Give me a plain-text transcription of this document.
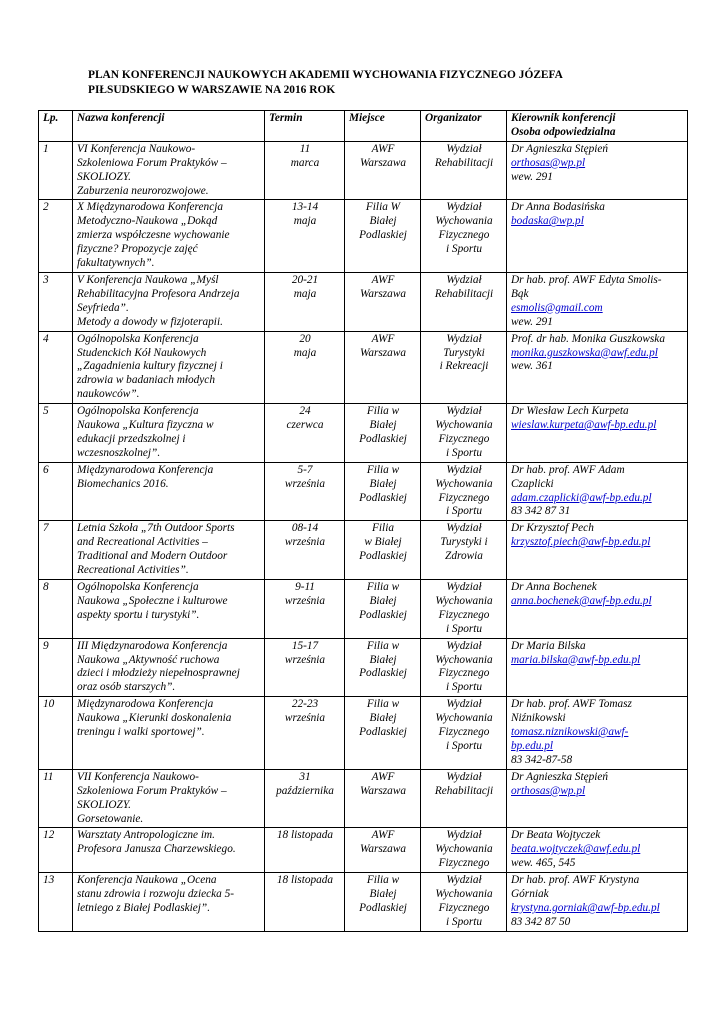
PLAN KONFERENCJI NAUKOWYCH AKADEMII WYCHOWANIA FIZYCZNEGO JÓZEFA
PIŁSUDSKIEGO W WARSZAWIE NA 2016 ROK
Lp.	Nazwa konferencji	Termin	Miejsce	Organizator	Kierownik konferencji
Osoba odpowiedzialna

1	VI Konferencja Naukowo-
Szkoleniowa Forum Praktyków –
SKOLIOZY.
Zaburzenia neurorozwojowe.	11
marca	AWF
Warszawa	Wydział
Rehabilitacji	Dr Agnieszka Stępień
orthosas@wp.pl
wew. 291

2	X Międzynarodowa Konferencja
Metodyczno-Naukowa „Dokąd
zmierza współczesne wychowanie
fizyczne? Propozycje zajęć
fakultatywnych”.	13-14
maja	Filia W
Białej
Podlaskiej	Wydział
Wychowania
Fizycznego
i Sportu	Dr Anna Bodasińska
bodaska@wp.pl

3	V Konferencja Naukowa „Myśl
Rehabilitacyjna Profesora Andrzeja
Seyfrieda”.
Metody a dowody w fizjoterapii.	20-21
maja	AWF
Warszawa	Wydział
Rehabilitacji	Dr hab. prof. AWF Edyta Smolis-
Bąk
esmolis@gmail.com
wew. 291

4	Ogólnopolska Konferencja
Studenckich Kół Naukowych
„Zagadnienia kultury fizycznej i
zdrowia w badaniach młodych
naukowców”.	20
maja	AWF
Warszawa	Wydział
Turystyki
i Rekreacji	Prof. dr hab. Monika Guszkowska
monika.guszkowska@awf.edu.pl
wew. 361

5	Ogólnopolska Konferencja
Naukowa „Kultura fizyczna w
edukacji przedszkolnej i
wczesnoszkolnej”.	24
czerwca	Filia w
Białej
Podlaskiej	Wydział
Wychowania
Fizycznego
i Sportu	Dr Wiesław Lech Kurpeta
wieslaw.kurpeta@awf-bp.edu.pl

6	Międzynarodowa Konferencja
Biomechanics 2016.	5-7
września	Filia w
Białej
Podlaskiej	Wydział
Wychowania
Fizycznego
i Sportu	Dr hab. prof. AWF Adam
Czaplicki
adam.czaplicki@awf-bp.edu.pl
83 342 87 31

7	Letnia Szkoła „7th Outdoor Sports
and Recreational Activities –
Traditional and Modern Outdoor
Recreational Activities”.	08-14
września	Filia
w Białej
Podlaskiej	Wydział
Turystyki i
Zdrowia	Dr Krzysztof Pech
krzysztof.piech@awf-bp.edu.pl

8	Ogólnopolska Konferencja
Naukowa „Społeczne i kulturowe
aspekty sportu i turystyki”.	9-11
września	Filia w
Białej
Podlaskiej	Wydział
Wychowania
Fizycznego
i Sportu	Dr Anna Bochenek
anna.bochenek@awf-bp.edu.pl

9	III Międzynarodowa Konferencja
Naukowa „Aktywność ruchowa
dzieci i młodzieży niepełnosprawnej
oraz osób starszych”.	15-17
września	Filia w
Białej
Podlaskiej	Wydział
Wychowania
Fizycznego
i Sportu	Dr Maria Bilska
maria.bilska@awf-bp.edu.pl

10	Międzynarodowa Konferencja
Naukowa „Kierunki doskonalenia
treningu i walki sportowej”.	22-23
września	Filia w
Białej
Podlaskiej	Wydział
Wychowania
Fizycznego
i Sportu	Dr hab. prof. AWF Tomasz
Niźnikowski
tomasz.niznikowski@awf-
bp.edu.pl
83 342-87-58

11	VII Konferencja Naukowo-
Szkoleniowa Forum Praktyków –
SKOLIOZY.
Gorsetowanie.	31
października	AWF
Warszawa	Wydział
Rehabilitacji	Dr Agnieszka Stępień
orthosas@wp.pl

12	Warsztaty Antropologiczne im.
Profesora Janusza Charzewskiego.	18 listopada	AWF
Warszawa	Wydział
Wychowania
Fizycznego	Dr Beata Wojtyczek
beata.wojtyczek@awf.edu.pl
wew. 465, 545

13	Konferencja Naukowa „Ocena
stanu zdrowia i rozwoju dziecka 5-
letniego z Białej Podlaskiej”.	18 listopada	Filia w
Białej
Podlaskiej	Wydział
Wychowania
Fizycznego
i Sportu	Dr hab. prof. AWF Krystyna
Górniak
krystyna.gorniak@awf-bp.edu.pl
83 342 87 50
